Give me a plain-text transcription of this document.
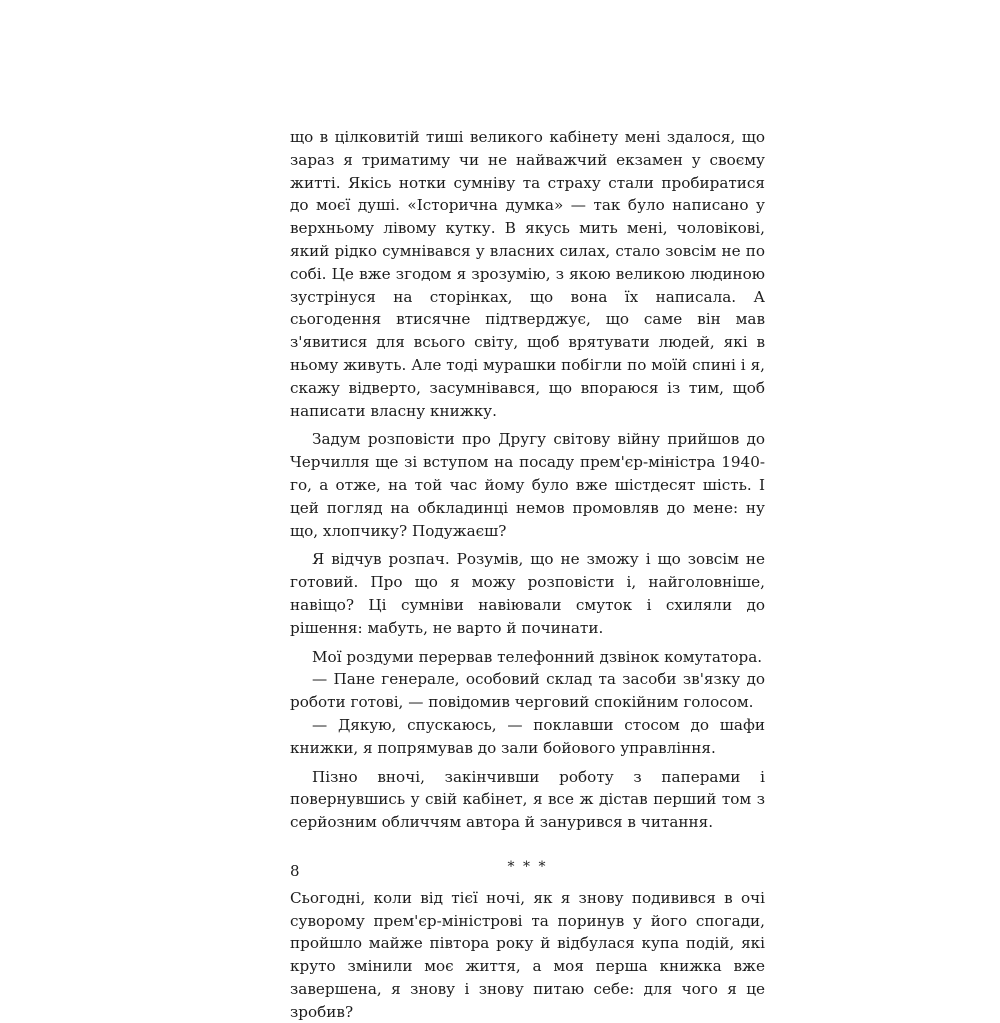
що в цілковитій тиші великого кабінету мені здалося, що зараз я триматиму чи не найважчий екзамен у своєму житті. Якісь нотки сумніву та страху стали пробиратися до моєї душі. «Історична думка» — так було написано у верхньому лівому кутку. В якусь мить мені, чоловікові, який рідко сумнівався у власних силах, стало зовсім не по собі. Це вже згодом я зрозумію, з якою великою людиною зустрінуся на сторінках, що вона їх написала. А сьогодення втисячне підтверджує, що саме він мав з'явитися для всього світу, щоб врятувати людей, які в ньому живуть. Але тоді мурашки побігли по моїй спині і я, скажу відверто, засумнівався, що впораюся із тим, щоб написати власну книжку.

Задум розповісти про Другу світову війну прийшов до Черчилля ще зі вступом на посаду прем'єр-міністра 1940-го, а отже, на той час йому було вже шістдесят шість. І цей погляд на обкладинці немов промовляв до мене: ну що, хлопчику? Подужаєш?

Я відчув розпач. Розумів, що не зможу і що зовсім не готовий. Про що я можу розповісти і, найголовніше, навіщо? Ці сумніви навіювали смуток і схиляли до рішення: мабуть, не варто й починати.

Мої роздуми перервав телефонний дзвінок комутатора.

— Пане генерале, особовий склад та засоби зв'язку до роботи готові, — повідомив черговий спокійним голосом.

— Дякую, спускаюсь, — поклавши стосом до шафи книжки, я попрямував до зали бойового управління.

Пізно вночі, закінчивши роботу з паперами і повернувшись у свій кабінет, я все ж дістав перший том з серйозним обличчям автора й занурився в читання.

* * *

Сьогодні, коли від тієї ночі, як я знову подивився в очі суворому прем'єр-міністрові та поринув у його спогади, пройшло майже півтора року й відбулася купа подій, які круто змінили моє життя, а моя перша книжка вже завершена, я знову і знову питаю себе: для чого я це зробив?

8
